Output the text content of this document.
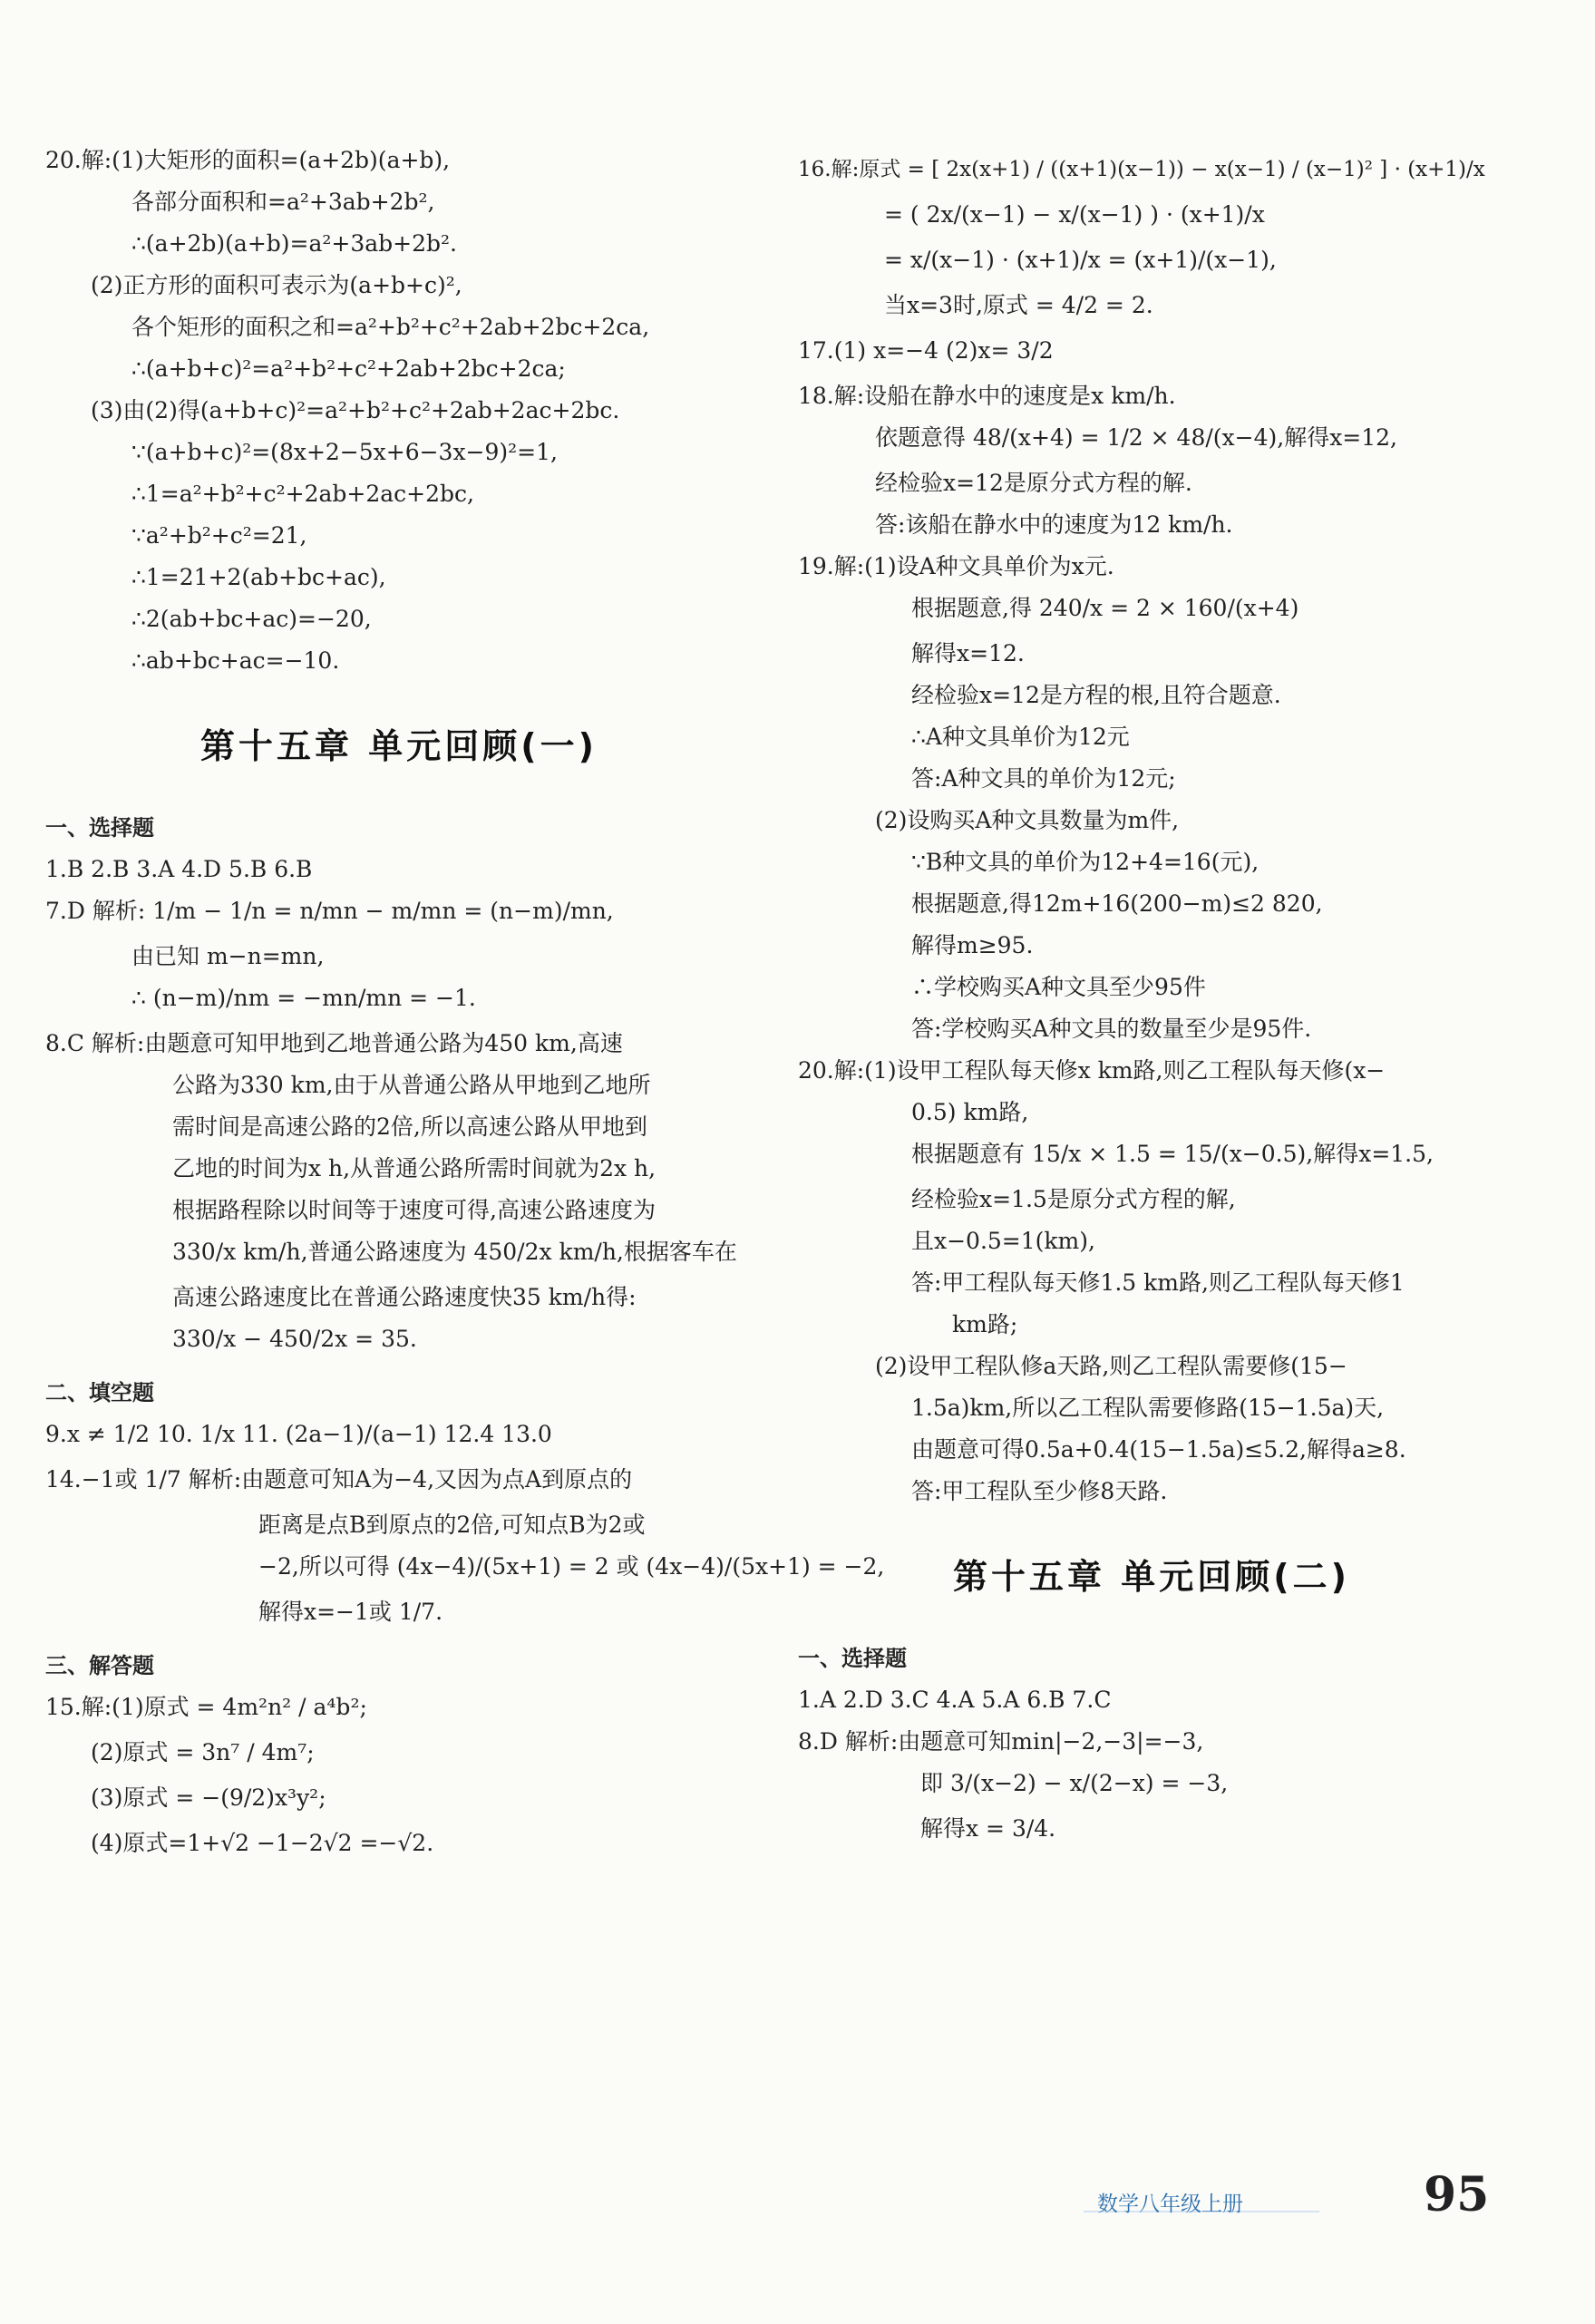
20.解:(1)大矩形的面积=(a+2b)(a+b),
各部分面积和=a²+3ab+2b²,
∴(a+2b)(a+b)=a²+3ab+2b².
(2)正方形的面积可表示为(a+b+c)²,
各个矩形的面积之和=a²+b²+c²+2ab+2bc+2ca,
∴(a+b+c)²=a²+b²+c²+2ab+2bc+2ca;
(3)由(2)得(a+b+c)²=a²+b²+c²+2ab+2ac+2bc.
∵(a+b+c)²=(8x+2−5x+6−3x−9)²=1,
∴1=a²+b²+c²+2ab+2ac+2bc,
∵a²+b²+c²=21,
∴1=21+2(ab+bc+ac),
∴2(ab+bc+ac)=−20,
∴ab+bc+ac=−10.
第十五章 单元回顾(一)
一、选择题
1.B 2.B 3.A 4.D 5.B 6.B
7.D 解析: 1/m − 1/n = n/mn − m/mn = (n−m)/mn,
由已知 m−n=mn,
∴ (n−m)/nm = −mn/mn = −1.
8.C 解析:由题意可知甲地到乙地普通公路为450 km,高速
公路为330 km,由于从普通公路从甲地到乙地所
需时间是高速公路的2倍,所以高速公路从甲地到
乙地的时间为x h,从普通公路所需时间就为2x h,
根据路程除以时间等于速度可得,高速公路速度为
330/x km/h,普通公路速度为 450/2x km/h,根据客车在
高速公路速度比在普通公路速度快35 km/h得:
330/x − 450/2x = 35.
二、填空题
9.x ≠ 1/2 10. 1/x 11. (2a−1)/(a−1) 12.4 13.0
14.−1或 1/7 解析:由题意可知A为−4,又因为点A到原点的
距离是点B到原点的2倍,可知点B为2或
−2,所以可得 (4x−4)/(5x+1) = 2 或 (4x−4)/(5x+1) = −2,
解得x=−1或 1/7.
三、解答题
15.解:(1)原式 = 4m²n² / a⁴b²;
(2)原式 = 3n⁷ / 4m⁷;
(3)原式 = −(9/2)x³y²;
(4)原式=1+√2 −1−2√2 =−√2.
16.解:原式 = [ 2x(x+1) / ((x+1)(x−1)) − x(x−1) / (x−1)² ] · (x+1)/x
= ( 2x/(x−1) − x/(x−1) ) · (x+1)/x
= x/(x−1) · (x+1)/x = (x+1)/(x−1),
当x=3时,原式 = 4/2 = 2.
17.(1) x=−4 (2)x= 3/2
18.解:设船在静水中的速度是x km/h.
依题意得 48/(x+4) = 1/2 × 48/(x−4),解得x=12,
经检验x=12是原分式方程的解.
答:该船在静水中的速度为12 km/h.
19.解:(1)设A种文具单价为x元.
根据题意,得 240/x = 2 × 160/(x+4)
解得x=12.
经检验x=12是方程的根,且符合题意.
∴A种文具单价为12元
答:A种文具的单价为12元;
(2)设购买A种文具数量为m件,
∵B种文具的单价为12+4=16(元),
根据题意,得12m+16(200−m)≤2 820,
解得m≥95.
∴学校购买A种文具至少95件
答:学校购买A种文具的数量至少是95件.
20.解:(1)设甲工程队每天修x km路,则乙工程队每天修(x−
0.5) km路,
根据题意有 15/x × 1.5 = 15/(x−0.5),解得x=1.5,
经检验x=1.5是原分式方程的解,
且x−0.5=1(km),
答:甲工程队每天修1.5 km路,则乙工程队每天修1
km路;
(2)设甲工程队修a天路,则乙工程队需要修(15−
1.5a)km,所以乙工程队需要修路(15−1.5a)天,
由题意可得0.5a+0.4(15−1.5a)≤5.2,解得a≥8.
答:甲工程队至少修8天路.
第十五章 单元回顾(二)
一、选择题
1.A 2.D 3.C 4.A 5.A 6.B 7.C
8.D 解析:由题意可知min|−2,−3|=−3,
即 3/(x−2) − x/(2−x) = −3,
解得x = 3/4.
数学八年级上册	95
